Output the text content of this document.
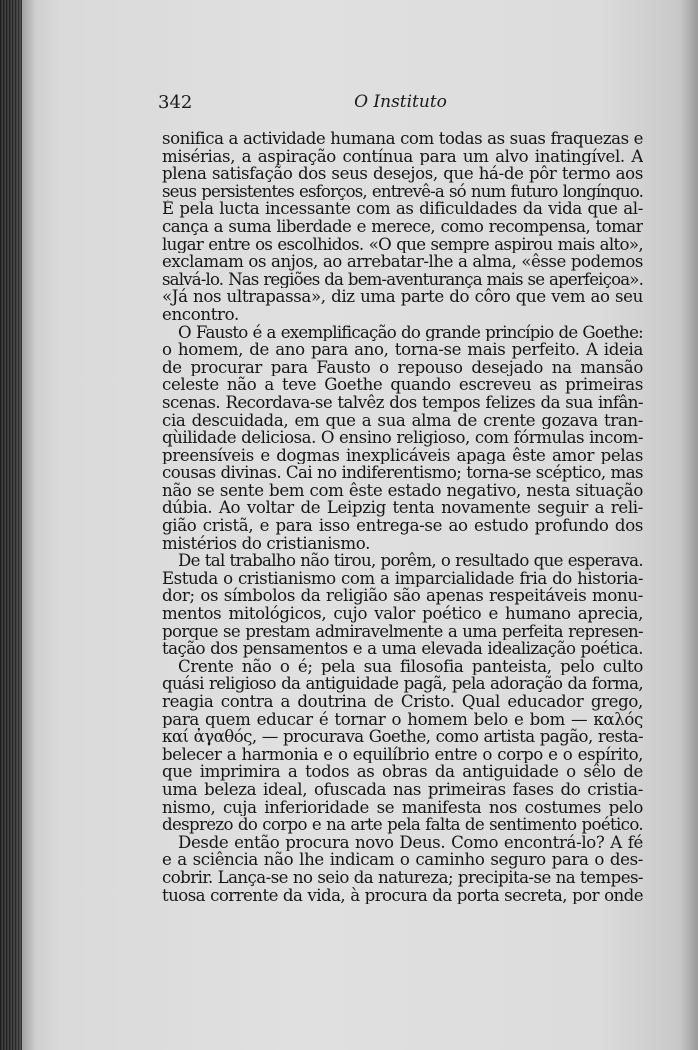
342	O Instituto
sonifica a actividade humana com todas as suas fraquezas e
misérias, a aspiração contínua para um alvo inatingível. A
plena satisfação dos seus desejos, que há-de pôr termo aos
seus persistentes esforços, entrevê-a só num futuro longínquo.
É pela lucta incessante com as dificuldades da vida que al-
cança a suma liberdade e merece, como recompensa, tomar
lugar entre os escolhidos. «O que sempre aspirou mais alto»,
exclamam os anjos, ao arrebatar-lhe a alma, «êsse podemos
salvá-lo. Nas regiões da bem-aventurança mais se aperfeiçoa».
«Já nos ultrapassa», diz uma parte do côro que vem ao seu
encontro.
O Fausto é a exemplificação do grande princípio de Goethe:
o homem, de ano para ano, torna-se mais perfeito. A ideia
de procurar para Fausto o repouso desejado na mansão
celeste não a teve Goethe quando escreveu as primeiras
scenas. Recordava-se talvêz dos tempos felizes da sua infân-
cia descuidada, em que a sua alma de crente gozava tran-
qùilidade deliciosa. O ensino religioso, com fórmulas incom-
preensíveis e dogmas inexplicáveis apaga êste amor pelas
cousas divinas. Cai no indiferentismo; torna-se scéptico, mas
não se sente bem com êste estado negativo, nesta situação
dúbia. Ao voltar de Leipzig tenta novamente seguir a reli-
gião cristã, e para isso entrega-se ao estudo profundo dos
mistérios do cristianismo.
De tal trabalho não tirou, porêm, o resultado que esperava.
Estuda o cristianismo com a imparcialidade fria do historia-
dor; os símbolos da religião são apenas respeitáveis monu-
mentos mitológicos, cujo valor poético e humano aprecia,
porque se prestam admiravelmente a uma perfeita represen-
tação dos pensamentos e a uma elevada idealização poética.
Crente não o é; pela sua filosofia panteista, pelo culto
quási religioso da antiguidade pagã, pela adoração da forma,
reagia contra a doutrina de Cristo. Qual educador grego,
para quem educar é tornar o homem belo e bom — καλός
καί ἀγαθός, — procurava Goethe, como artista pagão, resta-
belecer a harmonia e o equilíbrio entre o corpo e o espírito,
que imprimira a todos as obras da antiguidade o sêlo de
uma beleza ideal, ofuscada nas primeiras fases do cristia-
nismo, cuja inferioridade se manifesta nos costumes pelo
desprezo do corpo e na arte pela falta de sentimento poético.
Desde então procura novo Deus. Como encontrá-lo? A fé
e a sciência não lhe indicam o caminho seguro para o des-
cobrir. Lança-se no seio da natureza; precipita-se na tempes-
tuosa corrente da vida, à procura da porta secreta, por onde
